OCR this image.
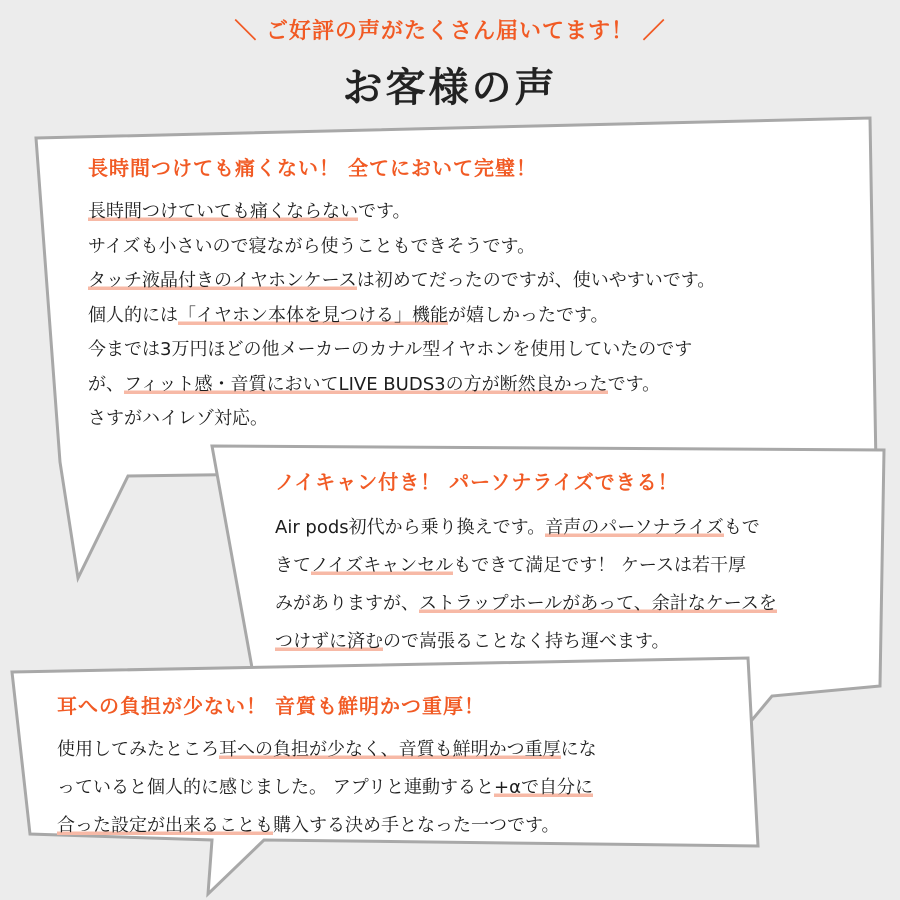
＼ ご好評の声がたくさん届いてます！ ／
お客様の声
長時間つけても痛くない！ 全てにおいて完璧！
長時間つけていても痛くならないです。
サイズも小さいので寝ながら使うこともできそうです。
タッチ液晶付きのイヤホンケースは初めてだったのですが、使いやすいです。
個人的には「イヤホン本体を見つける」機能が嬉しかったです。
今までは3万円ほどの他メーカーのカナル型イヤホンを使用していたのです
が、フィット感・音質においてLIVE BUDS3の方が断然良かったです。
さすがハイレゾ対応。
ノイキャン付き！ パーソナライズできる！
Air pods初代から乗り換えです。音声のパーソナライズもで
きてノイズキャンセルもできて満足です！ ケースは若干厚
みがありますが、ストラップホールがあって、余計なケースを
つけずに済むので嵩張ることなく持ち運べます。
耳への負担が少ない！ 音質も鮮明かつ重厚！
使用してみたところ耳への負担が少なく、音質も鮮明かつ重厚にな
っていると個人的に感じました。 アプリと連動すると+αで自分に
合った設定が出来ることも購入する決め手となった一つです。
